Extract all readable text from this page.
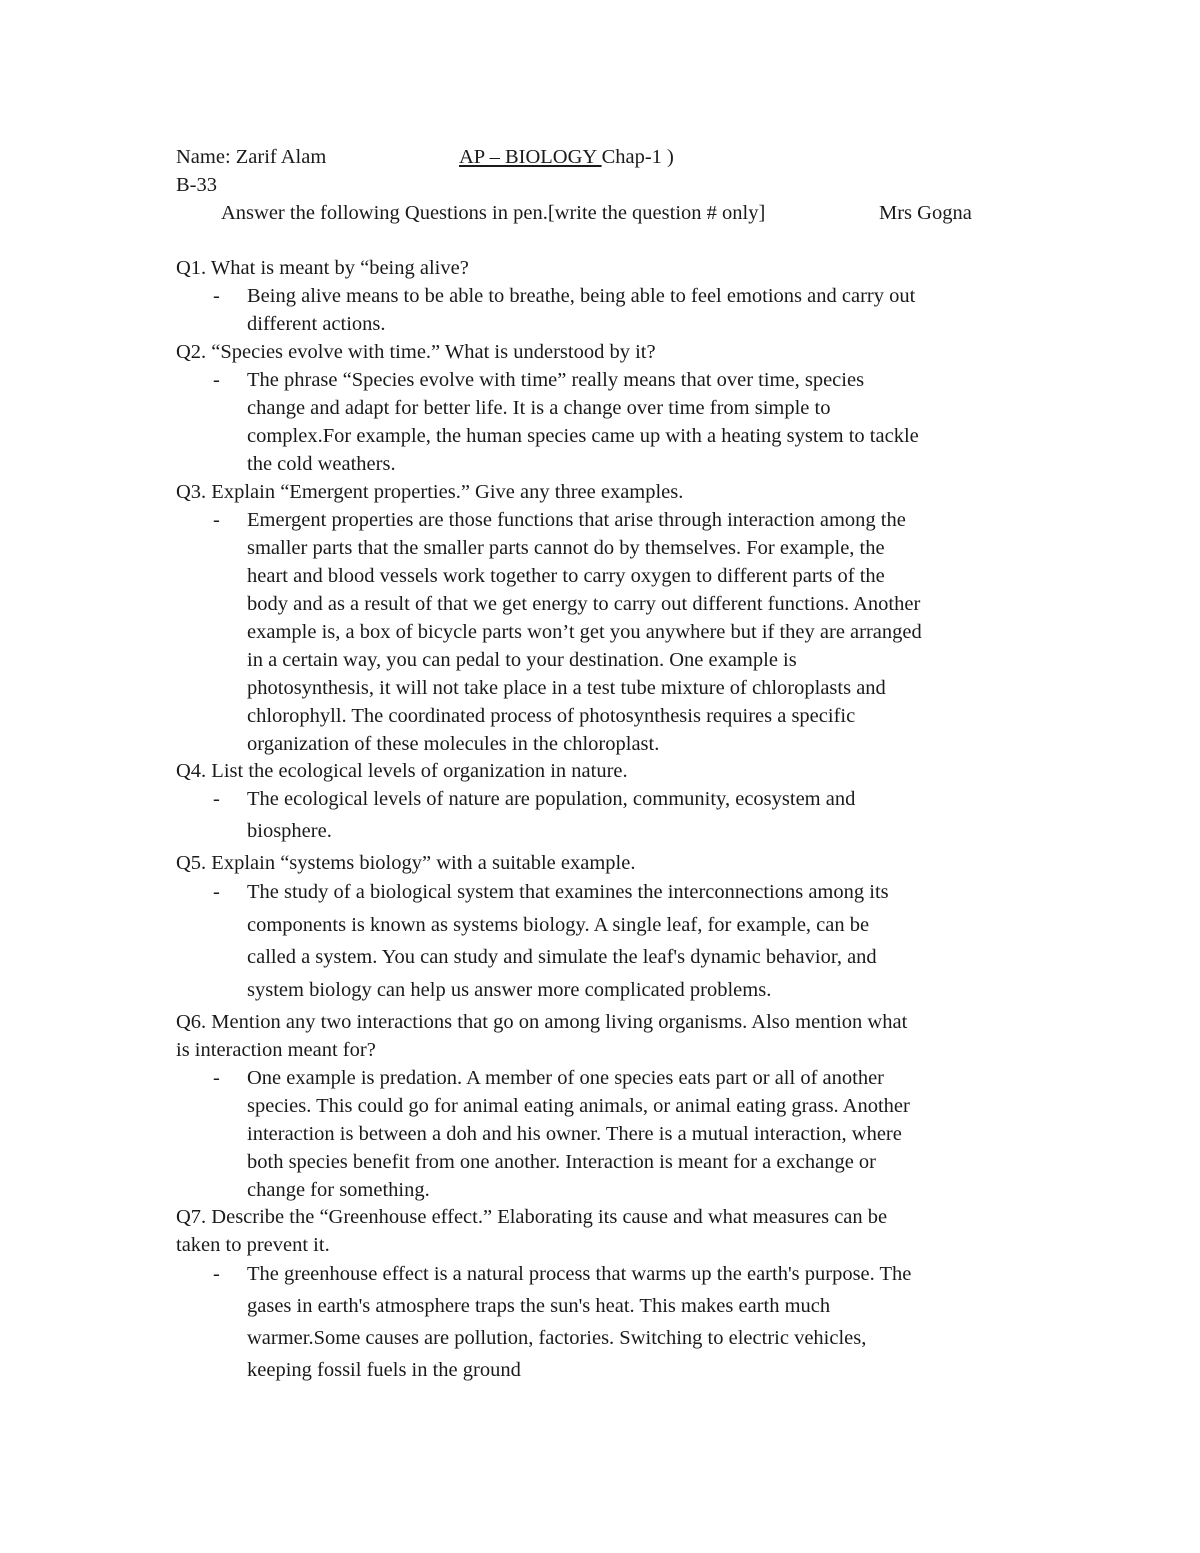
Name: Zarif Alam	AP – BIOLOGY Chap-1 )
B-33
Answer the following Questions in pen.[write the question # only]	Mrs Gogna
Q1. What is meant by “being alive?
- Being alive means to be able to breathe, being able to feel emotions and carry out
different actions.
Q2. “Species evolve with time.” What is understood by it?
- The phrase “Species evolve with time” really means that over time, species
change and adapt for better life. It is a change over time from simple to
complex.For example, the human species came up with a heating system to tackle
the cold weathers.
Q3. Explain “Emergent properties.” Give any three examples.
- Emergent properties are those functions that arise through interaction among the
smaller parts that the smaller parts cannot do by themselves. For example, the
heart and blood vessels work together to carry oxygen to different parts of the
body and as a result of that we get energy to carry out different functions. Another
example is, a box of bicycle parts won’t get you anywhere but if they are arranged
in a certain way, you can pedal to your destination. One example is
photosynthesis, it will not take place in a test tube mixture of chloroplasts and
chlorophyll. The coordinated process of photosynthesis requires a specific
organization of these molecules in the chloroplast.
Q4. List the ecological levels of organization in nature.
- The ecological levels of nature are population, community, ecosystem and
biosphere.
Q5. Explain “systems biology” with a suitable example.
- The study of a biological system that examines the interconnections among its
components is known as systems biology. A single leaf, for example, can be
called a system. You can study and simulate the leaf's dynamic behavior, and
system biology can help us answer more complicated problems.
Q6. Mention any two interactions that go on among living organisms. Also mention what
is interaction meant for?
- One example is predation. A member of one species eats part or all of another
species. This could go for animal eating animals, or animal eating grass. Another
interaction is between a doh and his owner. There is a mutual interaction, where
both species benefit from one another. Interaction is meant for a exchange or
change for something.
Q7. Describe the “Greenhouse effect.” Elaborating its cause and what measures can be
taken to prevent it.
- The greenhouse effect is a natural process that warms up the earth's purpose. The
gases in earth's atmosphere traps the sun's heat. This makes earth much
warmer.Some causes are pollution, factories. Switching to electric vehicles,
keeping fossil fuels in the ground
